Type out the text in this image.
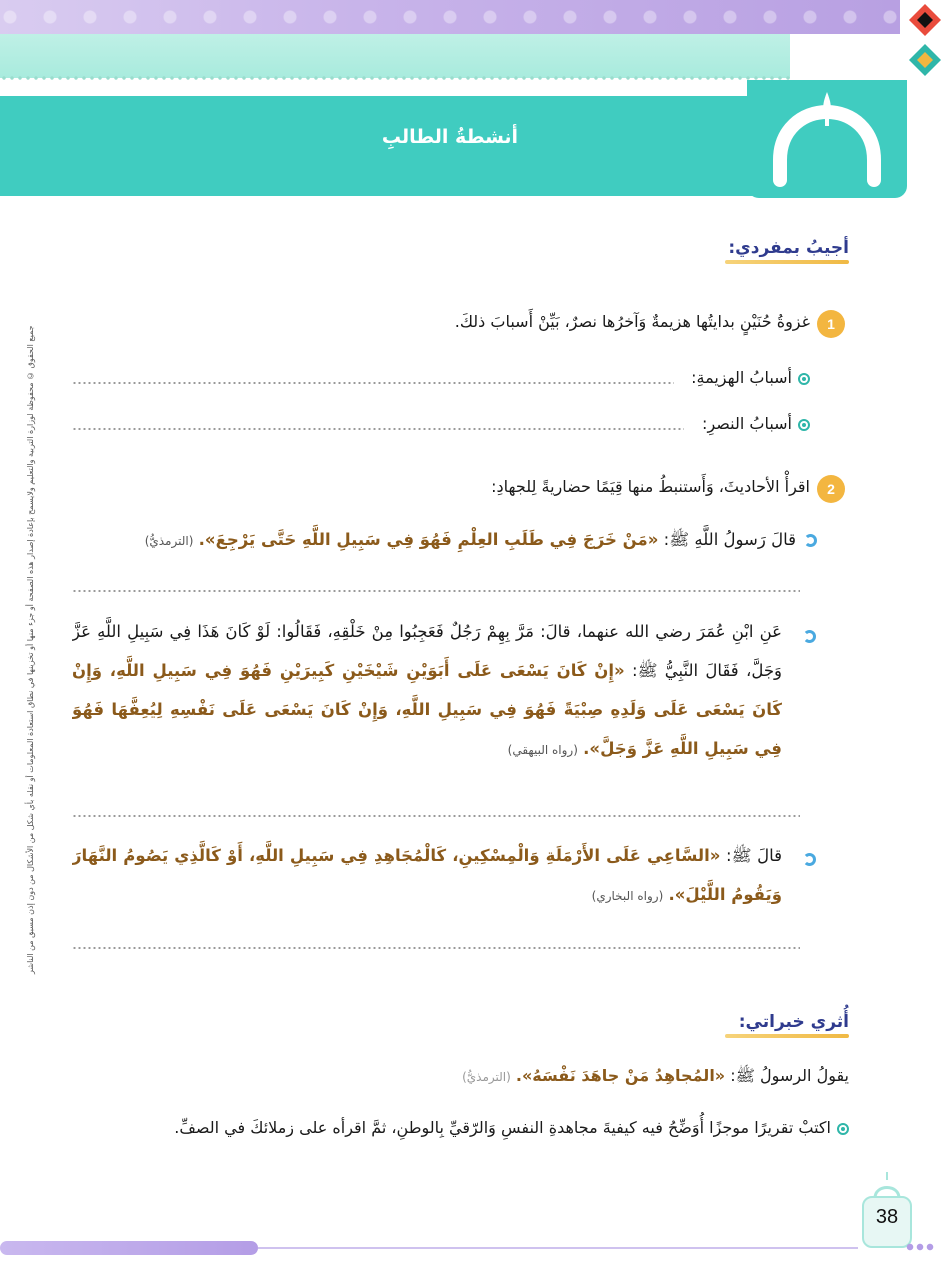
أنشطةُ الطالبِ
جميع الحقوق © محفوظة لوزارة التربية والتعليم ولايسمح بإعادة إصدار هذه الصفحة أو جزء منها أو تخزينها في نطاق استعادة المعلومات أو نقله بأي شكل من الأشكال من دون إذن مسبق من الناشر
أجيبُ بمفردي:
1
غزوةُ حُنَيْنٍ بدايتُها هزيمةٌ وَآخرُها نصرٌ، بَيِّنْ أَسبابَ ذلكَ.
أسبابُ الهزيمةِ:
أسبابُ النصرِ:
2
اقرأْ الأحاديثَ، وَأَستنبطُ منها قِيَمًا حضاريةً لِلجهادِ:
قالَ رَسولُ اللَّهِ ﷺ: «مَنْ خَرَجَ فِي طَلَبِ العِلْمِ فَهُوَ فِي سَبِيلِ اللَّهِ حَتَّى يَرْجِعَ». (الترمذيُّ)
عَنِ ابْنِ عُمَرَ رضي الله عنهما، قالَ: مَرَّ بِهِمْ رَجُلٌ فَعَجِبُوا مِنْ خَلْقِهِ، فَقَالُوا: لَوْ كَانَ هَذَا فِي سَبِيلِ اللَّهِ عَزَّ وَجَلَّ، فَقَالَ النَّبِيُّ ﷺ: «إِنْ كَانَ يَسْعَى عَلَى أَبَوَيْنِ شَيْخَيْنِ كَبِيرَيْنِ فَهُوَ فِي سَبِيلِ اللَّهِ، وَإِنْ كَانَ يَسْعَى عَلَى وَلَدِهِ صِبْيَةً فَهُوَ فِي سَبِيلِ اللَّهِ، وَإِنْ كَانَ يَسْعَى عَلَى نَفْسِهِ لِيُعِفَّهَا فَهُوَ فِي سَبِيلِ اللَّهِ عَزَّ وَجَلَّ». (رواه البيهقي)
قالَ ﷺ: «السَّاعِي عَلَى الأَرْمَلَةِ وَالْمِسْكِينِ، كَالْمُجَاهِدِ فِي سَبِيلِ اللَّهِ، أَوْ كَالَّذِي يَصُومُ النَّهَارَ وَيَقُومُ اللَّيْلَ». (رواه البخاري)
أُثري خبراتي:
يقولُ الرسولُ ﷺ: «المُجاهِدُ مَنْ جاهَدَ نَفْسَهُ». (الترمذيُّ)
اكتبْ تقريرًا موجزًا أُوَضِّحُ فيه كيفيةَ مجاهدةِ النفسِ وَالرّقيِّ بِالوطنِ، ثمَّ اقرأه على زملائكَ في الصفِّ.
38
